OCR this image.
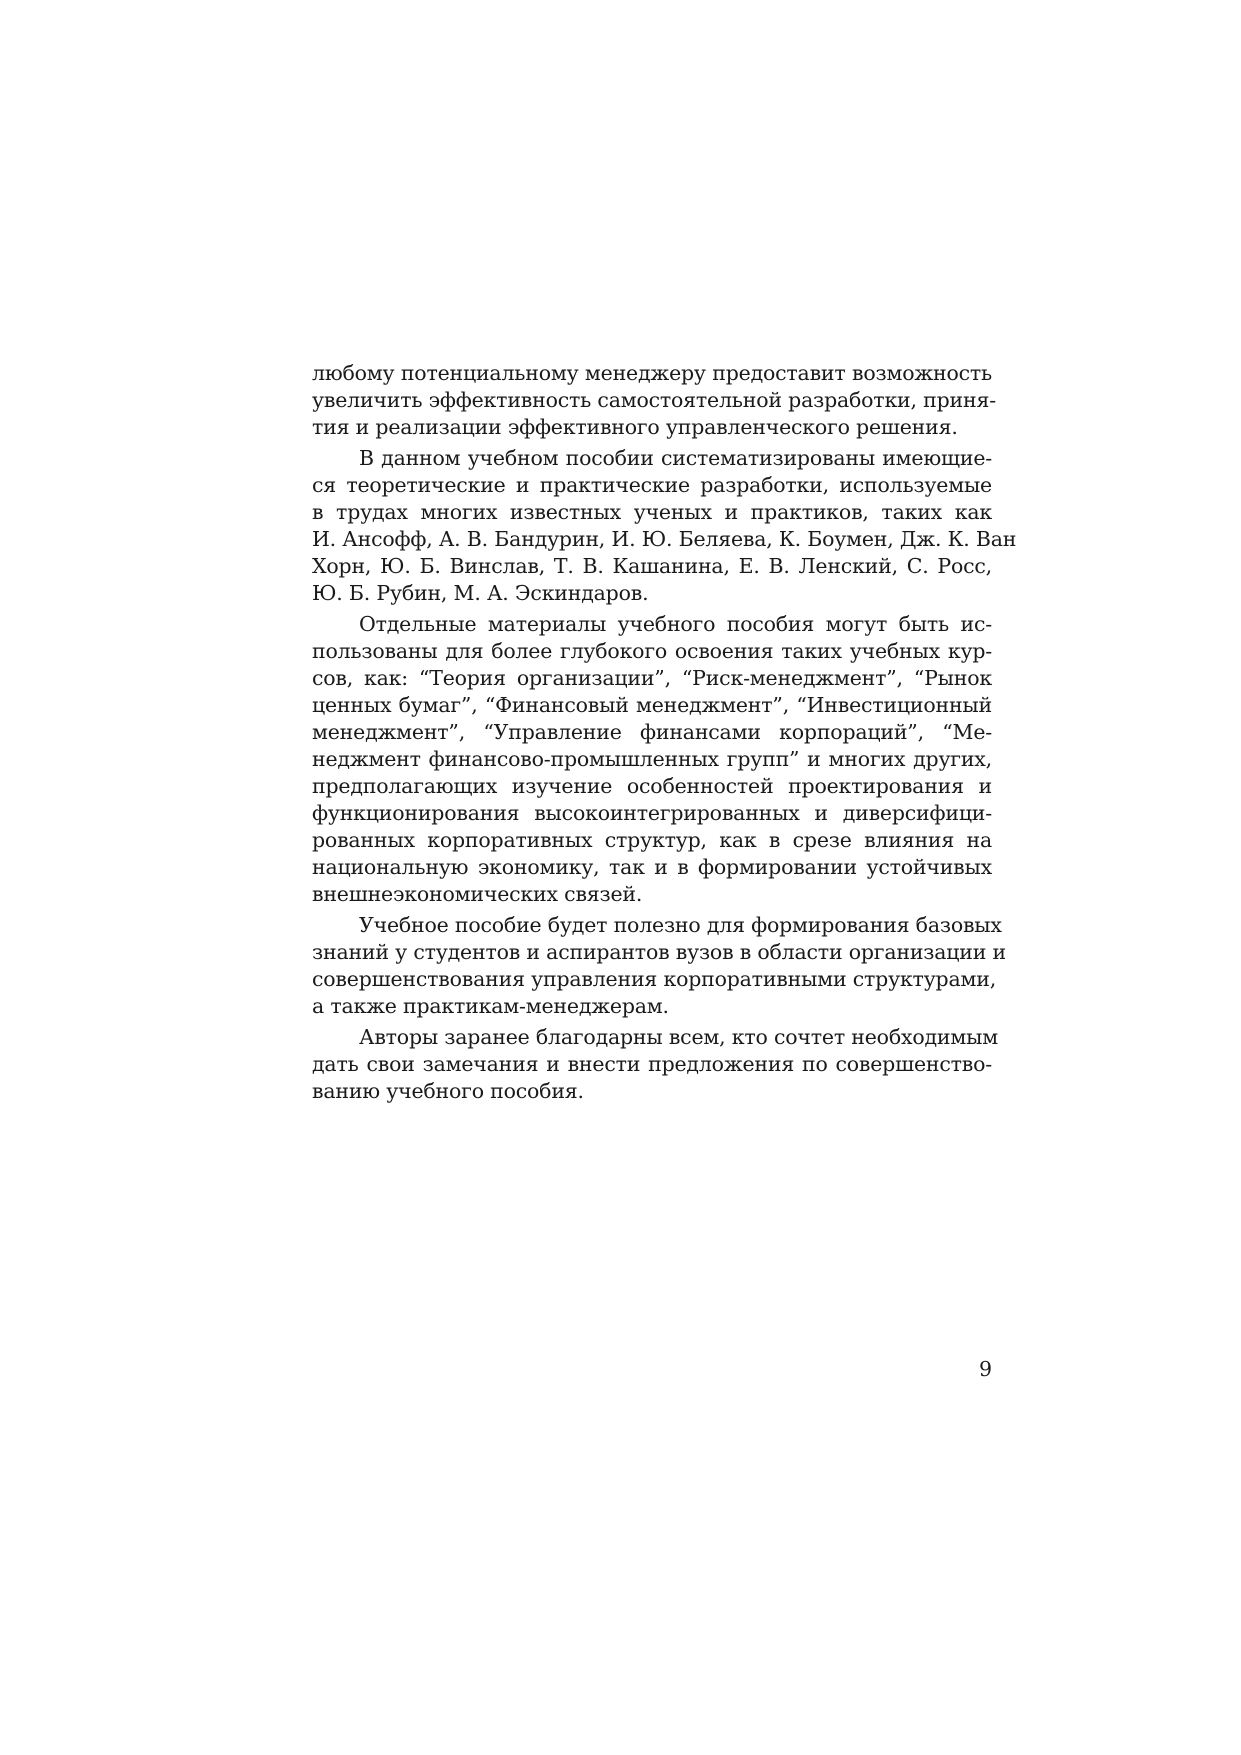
любому потенциальному менеджеру предоставит возможность
увеличить эффективность самостоятельной разработки, приня-
тия и реализации эффективного управленческого решения.
В данном учебном пособии систематизированы имеющие-
ся теоретические и практические разработки, используемые
в трудах многих известных ученых и практиков, таких как
И. Ансофф, А. В. Бандурин, И. Ю. Беляева, К. Боумен, Дж. К. Ван
Хорн, Ю. Б. Винслав, Т. В. Кашанина, Е. В. Ленский, С. Росс,
Ю. Б. Рубин, М. А. Эскиндаров.
Отдельные материалы учебного пособия могут быть ис-
пользованы для более глубокого освоения таких учебных кур-
сов, как: “Теория организации”, “Риск-менеджмент”, “Рынок
ценных бумаг”, “Финансовый менеджмент”, “Инвестиционный
менеджмент”, “Управление финансами корпораций”, “Ме-
неджмент финансово-промышленных групп” и многих других,
предполагающих изучение особенностей проектирования и
функционирования высокоинтегрированных и диверсифици-
рованных корпоративных структур, как в срезе влияния на
национальную экономику, так и в формировании устойчивых
внешнеэкономических связей.
Учебное пособие будет полезно для формирования базовых
знаний у студентов и аспирантов вузов в области организации и
совершенствования управления корпоративными структурами,
а также практикам-менеджерам.
Авторы заранее благодарны всем, кто сочтет необходимым
дать свои замечания и внести предложения по совершенство-
ванию учебного пособия.
9
